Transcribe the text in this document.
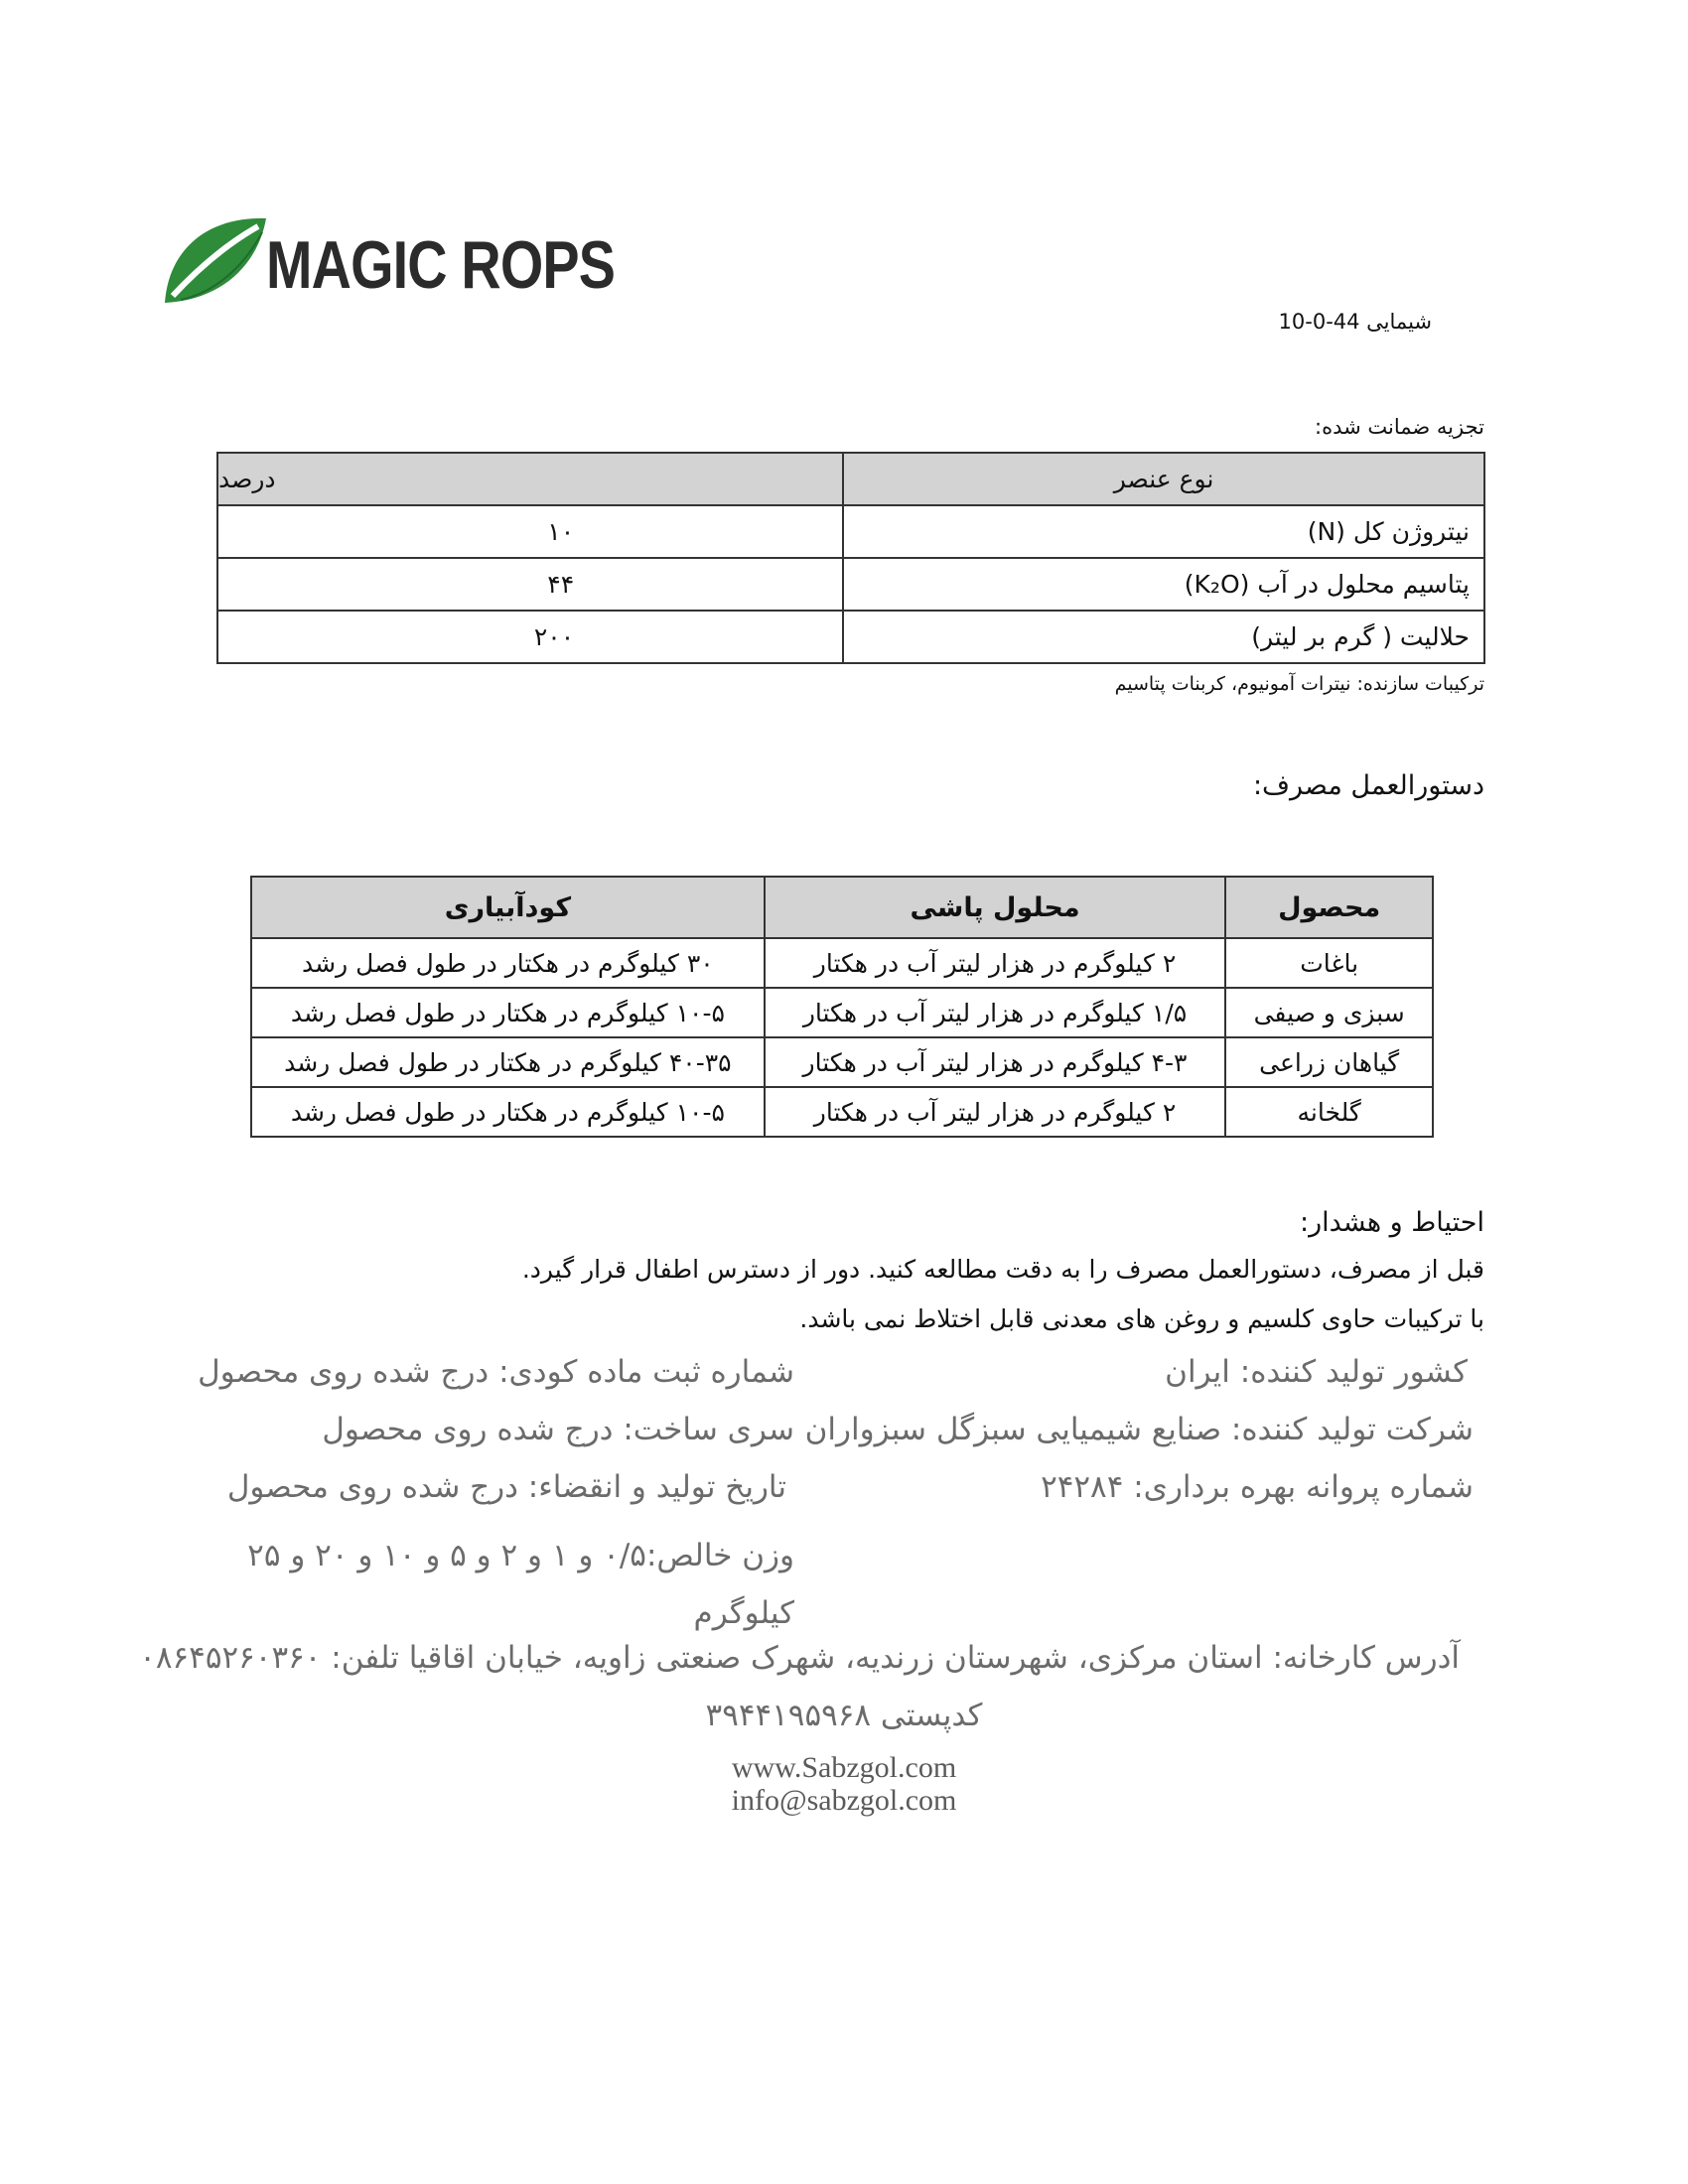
MAGIC ROPS
شیمایی 44-0-10
تجزیه ضمانت شده:
درصد	نوع عنصر
۱۰	نیتروژن کل (N)
۴۴	پتاسیم محلول در آب (K₂O)
۲۰۰	حلالیت ( گرم بر لیتر)
ترکیبات سازنده: نیترات آمونیوم، کربنات پتاسیم
دستورالعمل مصرف:
کودآبیاری	محلول پاشی	محصول
۳۰ کیلوگرم در هکتار در طول فصل رشد	۲ کیلوگرم در هزار لیتر آب در هکتار	باغات
۱۰-۵ کیلوگرم در هکتار در طول فصل رشد	۱/۵ کیلوگرم در هزار لیتر آب در هکتار	سبزی و صیفی
۴۰-۳۵ کیلوگرم در هکتار در طول فصل رشد	۴-۳ کیلوگرم در هزار لیتر آب در هکتار	گیاهان زراعی
۱۰-۵ کیلوگرم در هکتار در طول فصل رشد	۲ کیلوگرم در هزار لیتر آب در هکتار	گلخانه
احتیاط و هشدار:
قبل از مصرف، دستورالعمل مصرف را به دقت مطالعه کنید. دور از دسترس اطفال قرار گیرد.
با ترکیبات حاوی کلسیم و روغن های معدنی قابل اختلاط نمی باشد.
کشور تولید کننده: ایران
شرکت تولید کننده: صنایع شیمیایی سبزگل سبزواران
شماره پروانه بهره برداری: ۲۴۲۸۴
شماره ثبت ماده کودی: درج شده روی محصول
سری ساخت: درج شده روی محصول
تاریخ تولید و انقضاء: درج شده روی محصول
وزن خالص:۰/۵ و ۱ و ۲ و ۵ و ۱۰ و ۲۰ و ۲۵ کیلوگرم
آدرس کارخانه: استان مرکزی، شهرستان زرندیه، شهرک صنعتی زاویه، خیابان اقاقیا تلفن: ۰۸۶۴۵۲۶۰۳۶۰
کدپستی ۳۹۴۴۱۹۵۹۶۸
www.Sabzgol.com
info@sabzgol.com
